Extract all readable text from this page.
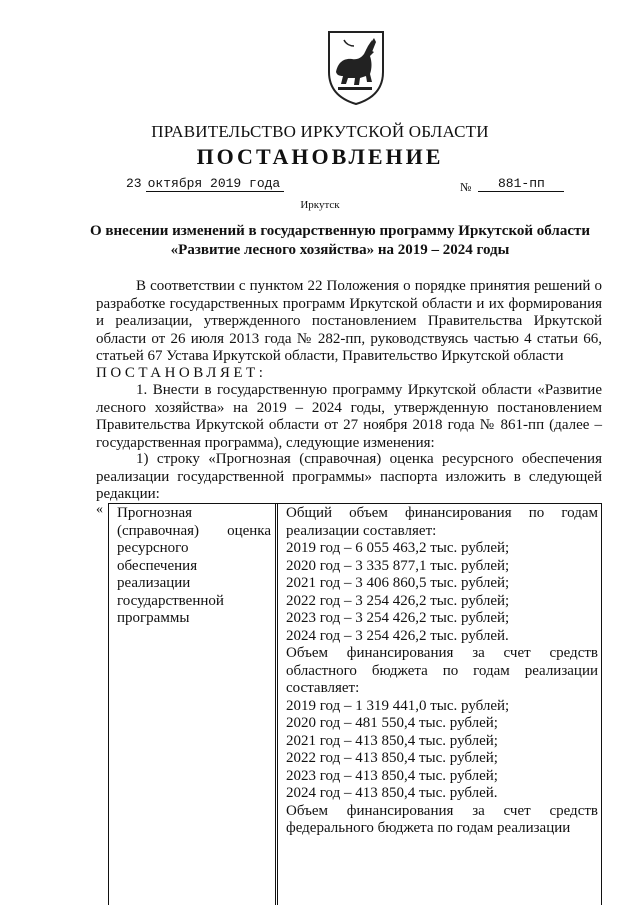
ПРАВИТЕЛЬСТВО ИРКУТСКОЙ ОБЛАСТИ
ПОСТАНОВЛЕНИЕ
23 октября 2019 года	№	881-пп
Иркутск
О внесении изменений в государственную программу Иркутской области
«Развитие лесного хозяйства» на 2019 – 2024 годы
В соответствии с пунктом 22 Положения о порядке принятия решений о разработке государственных программ Иркутской области и их формирования и реализации, утвержденного постановлением Правительства Иркутской области от 26 июля 2013 года № 282-пп, руководствуясь частью 4 статьи 66, статьей 67 Устава Иркутской области, Правительство Иркутской области
ПОСТАНОВЛЯЕТ:
1. Внести в государственную программу Иркутской области «Развитие лесного хозяйства» на 2019 – 2024 годы, утвержденную постановлением Правительства Иркутской области от 27 ноября 2018 года № 861-пп (далее – государственная программа), следующие изменения:
1) строку «Прогнозная (справочная) оценка ресурсного обеспечения реализации государственной программы» паспорта изложить в следующей редакции:
« Прогнозная
(справочная) оценка
ресурсного обеспечения
реализации
государственной
программы
Общий объем финансирования по годам реализации составляет:
2019 год – 6 055 463,2 тыс. рублей;
2020 год – 3 335 877,1 тыс. рублей;
2021 год – 3 406 860,5 тыс. рублей;
2022 год – 3 254 426,2 тыс. рублей;
2023 год – 3 254 426,2 тыс. рублей;
2024 год – 3 254 426,2 тыс. рублей.
Объем финансирования за счет средств областного бюджета по годам реализации составляет:
2019 год – 1 319 441,0 тыс. рублей;
2020 год – 481 550,4 тыс. рублей;
2021 год – 413 850,4 тыс. рублей;
2022 год – 413 850,4 тыс. рублей;
2023 год – 413 850,4 тыс. рублей;
2024 год – 413 850,4 тыс. рублей.
Объем финансирования за счет средств федерального бюджета по годам реализации
